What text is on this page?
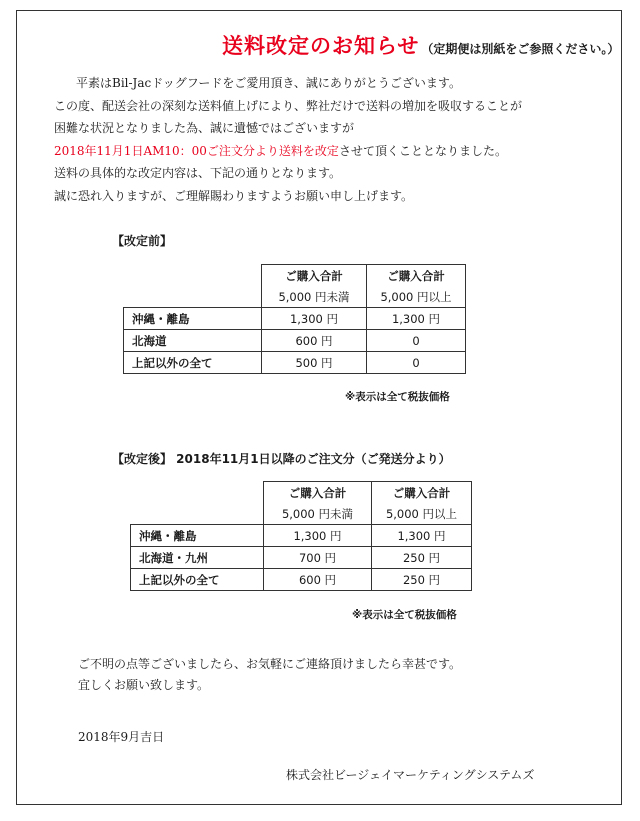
送料改定のお知らせ （定期便は別紙をご参照ください。）
平素はBil-Jacドッグフードをご愛用頂き、誠にありがとうございます。
この度、配送会社の深刻な送料値上げにより、弊社だけで送料の増加を吸収することが
困難な状況となりました為、誠に遺憾ではございますが
2018年11月1日AM10：00ご注文分より送料を改定させて頂くこととなりました。
送料の具体的な改定内容は、下記の通りとなります。
誠に恐れ入りますが、ご理解賜わりますようお願い申し上げます。
【改定前】
	ご購入合計	ご購入合計
	5,000 円未満	5,000 円以上
沖縄・離島	1,300 円	1,300 円
北海道	600 円	0
上記以外の全て	500 円	0
※表示は全て税抜価格
【改定後】 2018年11月1日以降のご注文分（ご発送分より）
	ご購入合計	ご購入合計
	5,000 円未満	5,000 円以上
沖縄・離島	1,300 円	1,300 円
北海道・九州	700 円	250 円
上記以外の全て	600 円	250 円
※表示は全て税抜価格
ご不明の点等ございましたら、お気軽にご連絡頂けましたら幸甚です。
宜しくお願い致します。
2018年9月吉日
株式会社ビージェイマーケティングシステムズ
